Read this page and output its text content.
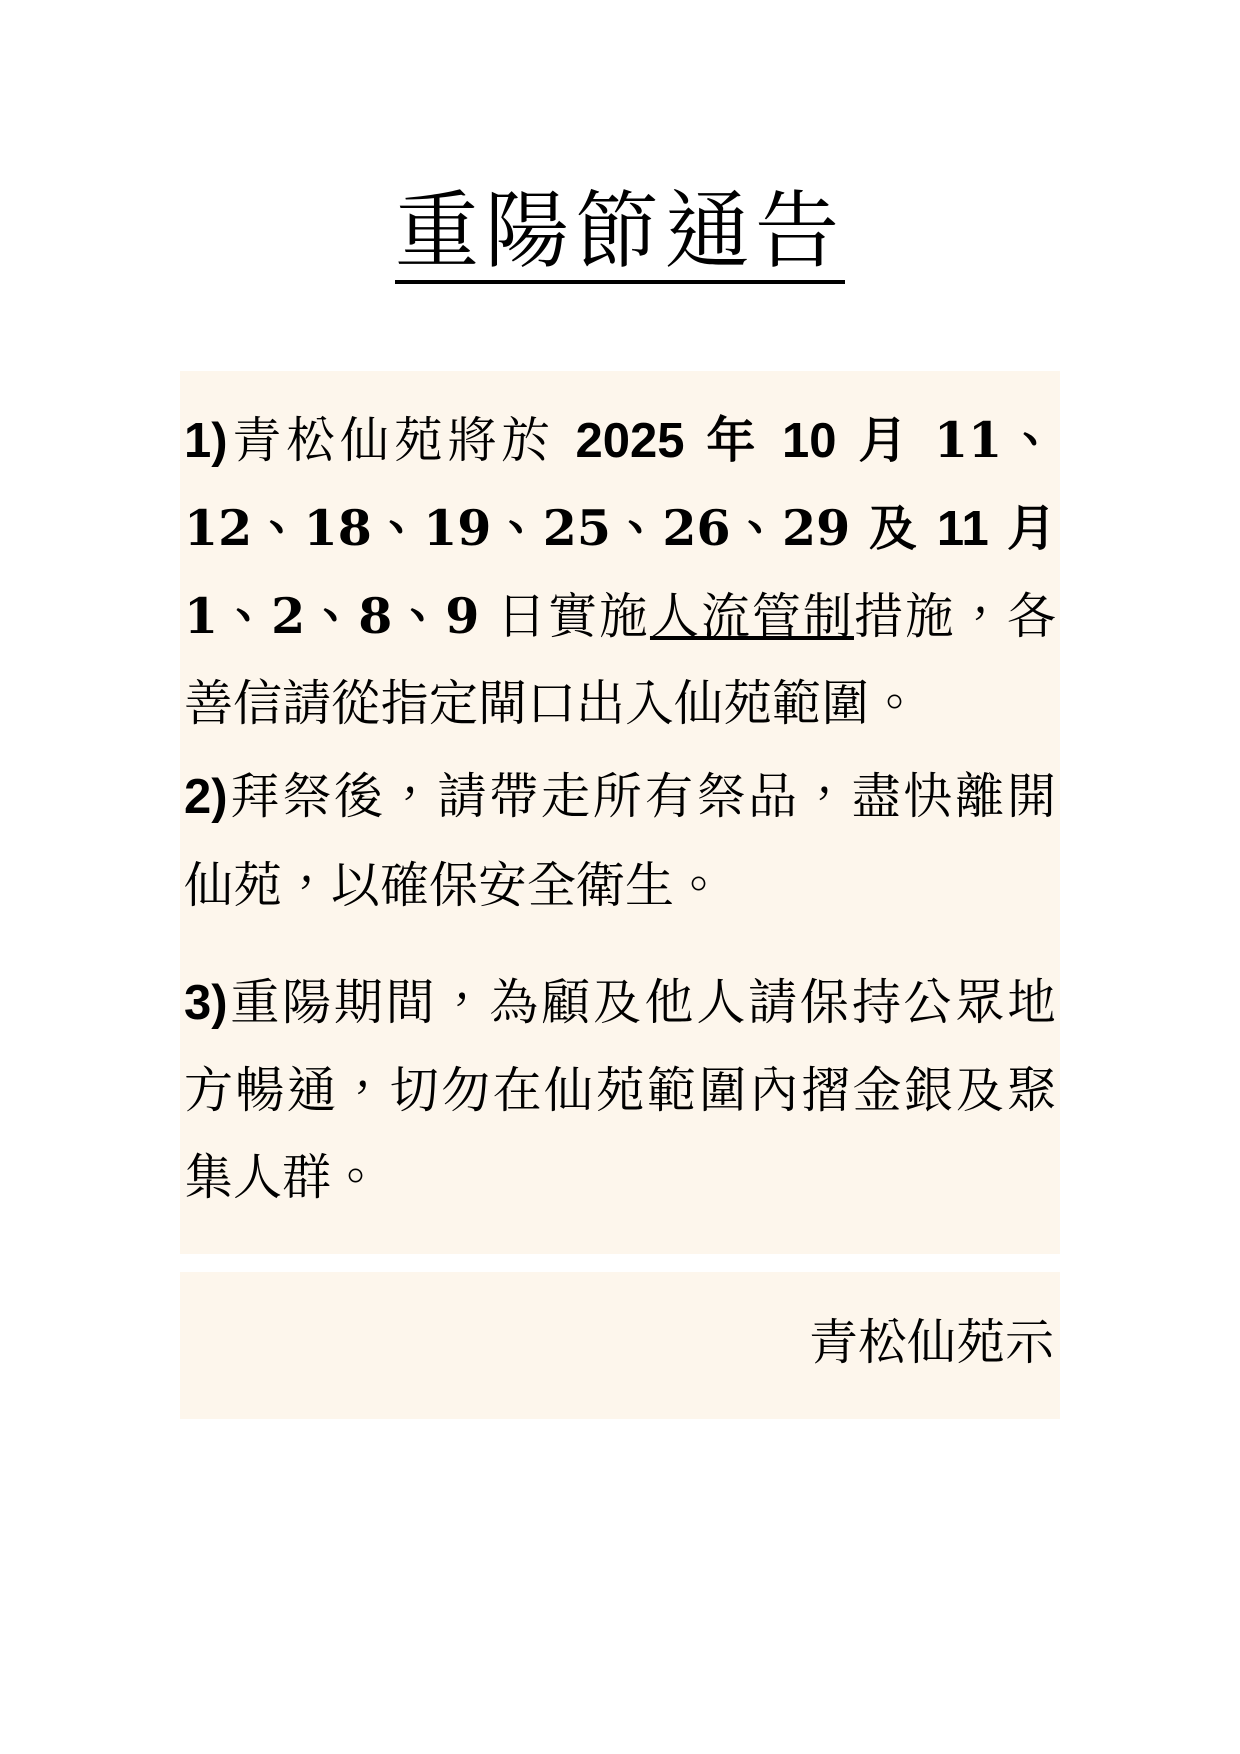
重陽節通告

1)青松仙苑將於 2025 年 10 月 11、12、18、19、25、26、29 及 11 月 1、2、8、9 日實施人流管制措施，各善信請從指定閘口出入仙苑範圍。

2)拜祭後，請帶走所有祭品，盡快離開仙苑，以確保安全衛生。

3)重陽期間，為顧及他人請保持公眾地方暢通，切勿在仙苑範圍內摺金銀及聚集人群。

青松仙苑示
